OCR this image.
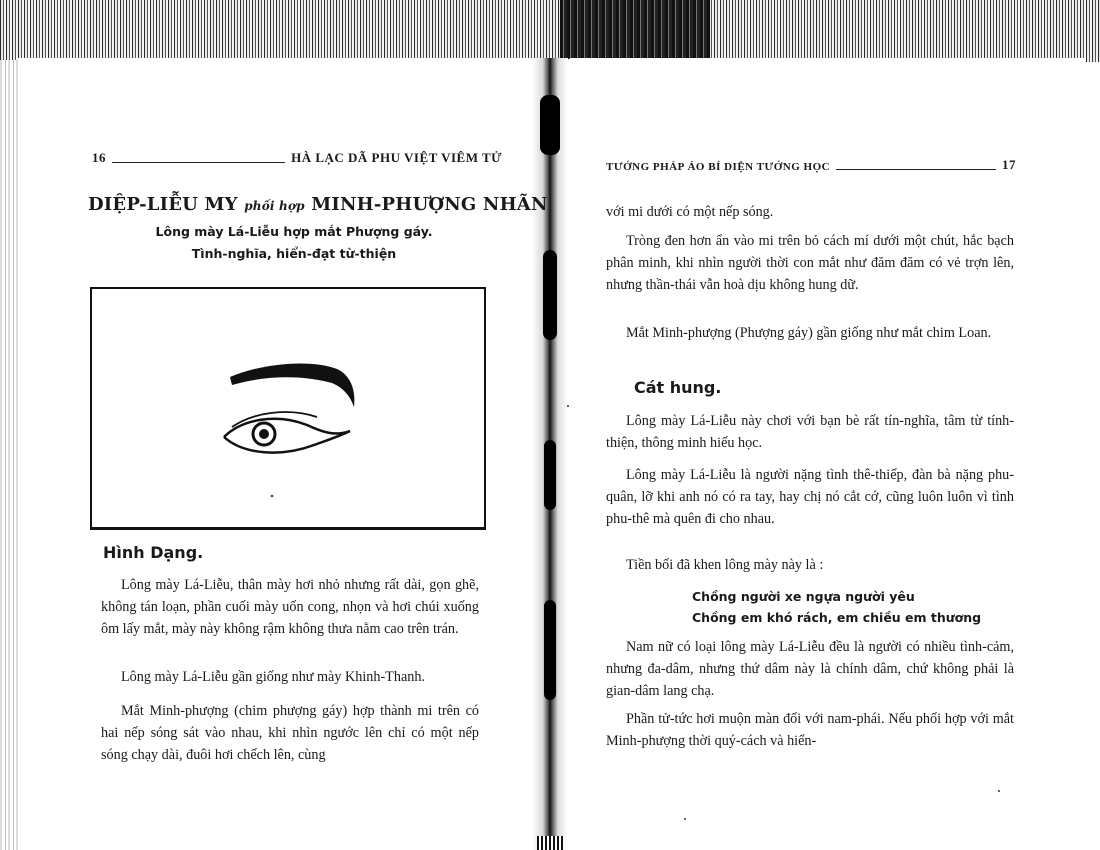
16	HÀ LẠC DÃ PHU VIỆT VIÊM TỬ
DIỆP-LIỄU MY phối hợp MINH-PHƯỢNG NHÃN
Lông mày Lá-Liễu hợp mắt Phượng gáy.
Tình-nghĩa, hiển-đạt từ-thiện
Hình Dạng.
Lông mày Lá-Liễu, thân mày hơi nhỏ nhưng rất dài, gọn ghẽ, không tán loạn, phần cuối mày uốn cong, nhọn và hơi chúi xuống ôm lấy mắt, mày này không rậm không thưa nằm cao trên trán.
Lông mày Lá-Liễu gần giống như mày Khinh-Thanh.
Mắt Minh-phượng (chim phượng gáy) hợp thành mi trên có hai nếp sóng sát vào nhau, khi nhìn ngước lên chỉ có một nếp sóng chạy dài, đuôi hơi chếch lên, cùng
TƯỚNG PHÁP ÁO BÍ DIỆN TƯỚNG HỌC	17
với mi dưới có một nếp sóng.
Tròng đen hơn ẩn vào mi trên bỏ cách mí dưới một chút, hắc bạch phân minh, khi nhìn người thời con mắt như đăm đăm có vẻ trợn lên, nhưng thần-thái vẫn hoà dịu không hung dữ.
Mắt Minh-phượng (Phượng gáy) gần giống như mắt chim Loan.
Cát hung.
Lông mày Lá-Liễu này chơi với bạn bè rất tín-nghĩa, tâm từ tính-thiện, thông minh hiếu học.
Lông mày Lá-Liễu là người nặng tình thê-thiếp, đàn bà nặng phu-quân, lỡ khi anh nó có ra tay, hay chị nó cắt cớ, cũng luôn luôn vì tình phu-thê mà quên đi cho nhau.
Tiền bối đã khen lông mày này là :
Chồng người xe ngựa người yêu
Chồng em khó rách, em chiều em thương
Nam nữ có loại lông mày Lá-Liễu đều là người có nhiều tình-cảm, nhưng đa-dâm, nhưng thứ dâm này là chính dâm, chứ không phải là gian-dâm lang chạ.
Phần tử-tức hơi muộn màn đối với nam-phái. Nếu phối hợp với mắt Minh-phượng thời quý-cách và hiển-
